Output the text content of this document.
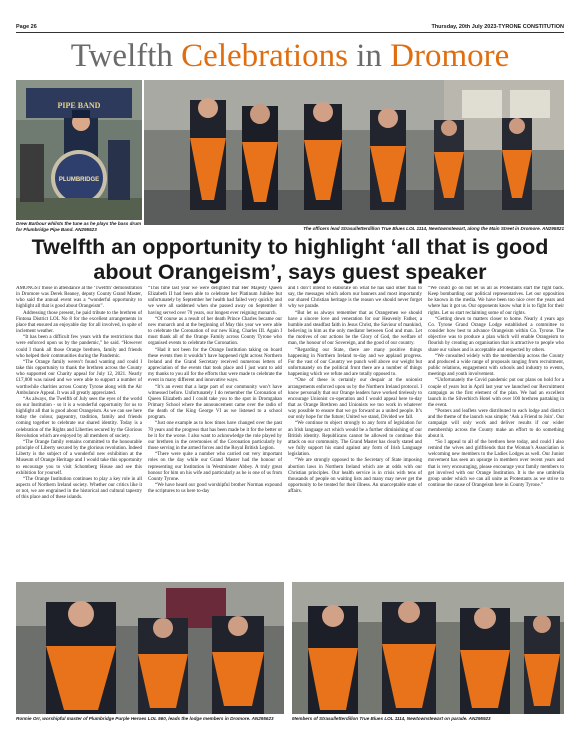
Page 26	Thursday, 20th July 2023-TYRONE CONSTITUTION
Twelfth Celebrations in Dromore
PIPE BAND
PLUMBRIDGE
Drew Barbour whilsts the tune as he plays the bass drum for Plumbridge Pipe Band. AN295523	The officers lead Strasulletterdillon True Blues LOL 1114, Newtownstewart, along the Main Street in Dromore. AN295821
Twelfth an opportunity to highlight ‘all that is good about Orangeism’, says guest speaker

AMONGST those in attendance at the ‘Twelfth’ demonstration in Dromore was Derek Reaney, deputy County Grand Master, who said the annual event was a “wonderful opportunity to highlight all that is good about Orangeism”.

Addressing those present, he paid tribute to the brethren of Fintona District LOL No 8 for the excellent arrangements in place that ensured an enjoyable day for all involved, in spite of inclement weather.

“It has been a difficult few years with the restrictions that were enforced upon us by the pandemic,” he said. “However could I thank all those Orange brethren, family and friends who helped their communities during the Pandemic.

“The Orange family weren’t found wanting and could I take this opportunity to thank the brethren across the County who supported our Charity appeal for July 12, 2021. Nearly £17,000 was raised and we were able to support a number of worthwhile charities across County Tyrone along with the Air Ambulance Appeal. It was all greatly appreciated.

“As always, the Twelfth of July sees the eyes of the world on our Institution - so it is a wonderful opportunity for us to highlight all that is good about Orangeism. As we can see here today the colour, pageantry, tradition, family and friends coming together to celebrate our shared identity. Today is a celebration of the Rights and Liberties secured by the Glorious Revolution which are enjoyed by all members of society.

“The Orange family remains committed to the honourable principle of Liberty secured by the glorious revolution. Indeed Liberty is the subject of a wonderful new exhibition at the Museum of Orange Heritage and I would take this opportunity to encourage you to visit Schomberg House and see this exhibition for yourself.

“The Orange Institution continues to play a key role in all aspects of Northern Ireland society. Whether our critics like it or not, we are engrained in the historical and cultural tapestry of this place and of these islands.

“This time last year we were delighted that Her Majesty Queen Elizabeth II had been able to celebrate her Platinum Jubilee but unfortunately by September her health had failed very quickly and we were all saddened when she passed away on September 8 having served over 70 years, our longest ever reigning monarch.

“Of course as a result of her death Prince Charles became our new monarch and at the beginning of May this year we were able to celebrate the Coronation of our new King, Charles III. Again I must thank all of the Orange Family across County Tyrone who organised events to celebrate the Coronation.

“Had it not been for the Orange Institution taking on board these events then it wouldn’t have happened right across Northern Ireland and the Grand Secretary received numerous letters of appreciation of the events that took place and I just want to add my thanks to you all for the efforts that were made to celebrate the event in many different and innovative ways.

“It’s an event that a large part of our community won’t have witnessed before. Unfortunately I do remember the Coronation of Queen Elizabeth and I could take you to the spot in Dromgahan Primary School where the announcement came over the radio of the death of the King George VI as we listened to a school program.

“Just one example as to how times have changed over the past 70 years and the progress that has been made be it for the better or be it for the worse. I also want to acknowledge the role played by our brethren in the ceremonies of the Coronation particularly by those serving in the armed forces and the Royal British Legion.

“There were quite a number who carried out very important roles on the day while our Grand Master had the honour of representing our Institution in Westminster Abbey. A truly great honour for him on his wife and particularly as he is one of us from County Tyrone.

“We have heard our good worshipful brother Norman expound the scriptures to us here to-day

and I don’t intend to elaborate on what he has said other than to say, the messages which adorn our banners and most importantly our shared Christian heritage is the reason we should never forget why we parade.

“But let us always remember that as Orangemen we should have a sincere love and veneration for our Heavenly Father, a humble and steadfast faith in Jesus Christ, the Saviour of mankind, believing in him as the only mediator between God and man. Let the motives of our actions be the Glory of God, the welfare of man, the honour of our Sovereign, and the good of our country.

“Regarding our State, there are many positive things happening in Northern Ireland to-day and we applaud progress. For the vast of our Country we punch well above our weight but unfortunately on the political front there are a number of things happening which we refute and are totally opposed to.

“One of these is certainly our despair at the unionist arrangements enforced upon us by the Northern Ireland protocol. I know personally that our Orange leaders have worked tirelessly to encourage Unionist co-operation and I would appeal here to-day that as Orange Brethren and Unionists we too work in whatever way possible to ensure that we go forward as a united people. It’s our only hope for the future; United we stand, Divided we fall.

“We continue to object strongly to any form of legislation for an Irish language act which would be a further diminishing of our British identity. Republicans cannot be allowed to continue this attack on our community. The Grand Master has clearly stated and we fully support his stand against any form of Irish Language legislation.

“We are strongly opposed to the Secretary of State imposing abortion laws in Northern Ireland which are at odds with our Christian principles. Our health service is in crisis with tens of thousands of people on waiting lists and many may never get the opportunity to be treated for their illness. An unacceptable state of affairs.

“We could go on but let us all as Protestants start the fight back. Keep bombarding our political representatives. Let our opposition be known in the media. We have been too nice over the years and where has it got us. Our opponents know what it is to fight for their rights. Let us start reclaiming some of our rights.

“Getting down to matters closer to home. Nearly 4 years ago Co. Tyrone Grand Orange Lodge established a committee to consider how best to advance Orangeism within Co. Tyrone. The objective was to produce a plan which will enable Orangeism to flourish by creating an organisation that is attractive to people who share our values and is acceptable and respected by others.

“We consulted widely with the membership across the County and produced a wide range of proposals ranging from recruitment, public relations, engagement with schools and industry to events, meetings and youth involvement.

“Unfortunately the Covid pandemic put our plans on hold for a couple of years but in April last year we launched our Recruitment campaign as the first element of the plan. We had an excellent launch in the Silverbirch Hotel with over 100 brethren partaking in the event.

“Posters and leaflets were distributed to each lodge and district and the theme of the launch was simple; ‘Ask a Friend to Join’. Our campaign will only work and deliver results if our wider membership across the County make an effort to do something about it.

“So I appeal to all of the brethren here today, and could I also remind the wives and girlfriends that the Woman’s Association is welcoming new members to the Ladies Lodges as well. Our Junior movement has seen an upsurge in members over recent years and that is very encouraging, please encourage your family members to get involved with our Orange Institution. It is the one umbrella group under which we can all unite as Protestants as we strive to continue the cause of Orangeism here in County Tyrone.”

Ronnie Orr, worshipful master of Plumbridge Purple Heroes LOL 560, leads the lodge members in Dromore. AN295623	Members of Strasulletterdillon True Blues LOL 1114, Newtownstewart on parade. AN295923
